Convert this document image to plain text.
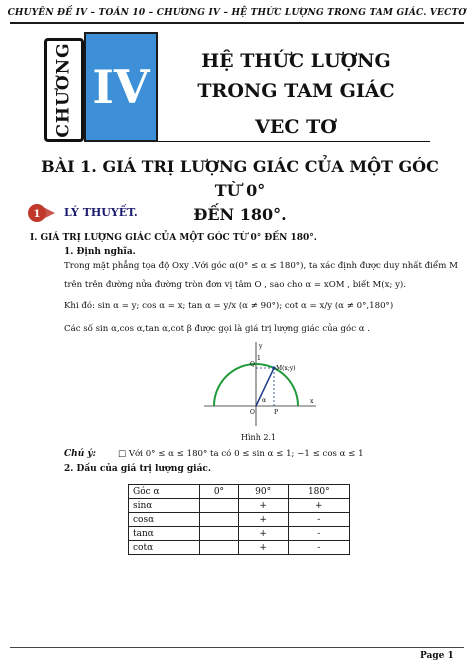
CHUYÊN ĐỀ IV – TOÁN 10 – CHƯƠNG IV – HỆ THỨC LƯỢNG TRONG TAM GIÁC. VECTƠ
CHƯƠNG IV	HỆ THỨC LƯỢNG
TRONG TAM GIÁC
VEC TƠ
BÀI 1. GIÁ TRỊ LƯỢNG GIÁC CỦA MỘT GÓC TỪ 0°
ĐẾN 180°.
1 LÝ THUYẾT.
I. GIÁ TRỊ LƯỢNG GIÁC CỦA MỘT GÓC TỪ 0° ĐẾN 180°.
1. Định nghĩa.
Trong mặt phẳng tọa độ Oxy .Với góc α(0° ≤ α ≤ 180°), ta xác định được duy nhất điểm M
trên trên đường nửa đường tròn đơn vị tâm O , sao cho α = xOM , biết M(x; y).
Khi đó: sin α = y; cos α = x; tan α = y/x (α ≠ 90°); cot α = x/y (α ≠ 0°,180°)
Các số sin α,cos α,tan α,cot β được gọi là giá trị lượng giác của góc α .
M(x;y)
O	P
x
y
Q
1
α
Hình 2.1
Chú ý:	□ Với 0° ≤ α ≤ 180° ta có 0 ≤ sin α ≤ 1; −1 ≤ cos α ≤ 1
2. Dấu của giá trị lượng giác.
Góc α	0°	90°	180°
sinα		+	+
cosα		+	-
tanα		+	-
cotα		+	-
Page 1
